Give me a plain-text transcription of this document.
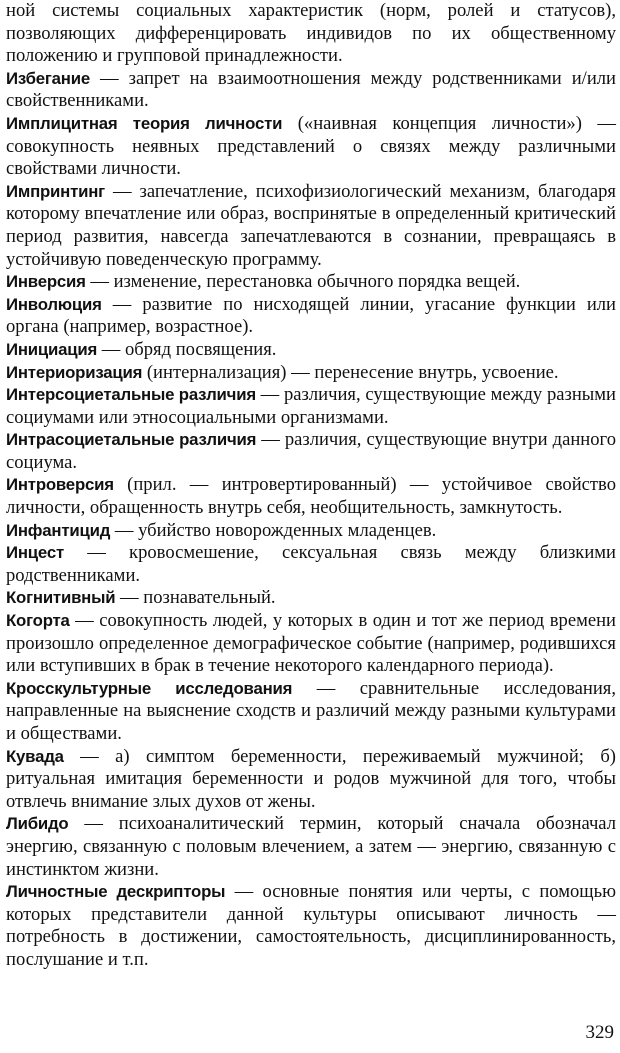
ной системы социальных характеристик (норм, ролей и статусов), позволяющих дифференцировать индивидов по их общественному положению и групповой принадлежности.

Избегание — запрет на взаимоотношения между родственниками и/или свойственниками.

Имплицитная теория личности («наивная концепция личности») — совокупность неявных представлений о связях между различными свойствами личности.

Импринтинг — запечатление, психофизиологический механизм, благодаря которому впечатление или образ, воспринятые в определенный критический период развития, навсегда запечатлеваются в сознании, превращаясь в устойчивую поведенческую программу.

Инверсия — изменение, перестановка обычного порядка вещей.

Инволюция — развитие по нисходящей линии, угасание функции или органа (например, возрастное).

Инициация — обряд посвящения.

Интериоризация (интернализация) — перенесение внутрь, усвоение.

Интерсоциетальные различия — различия, существующие между разными социумами или этносоциальными организмами.

Интрасоциетальные различия — различия, существующие внутри данного социума.

Интроверсия (прил. — интровертированный) — устойчивое свойство личности, обращенность внутрь себя, необщительность, замкнутость.

Инфантицид — убийство новорожденных младенцев.

Инцест — кровосмешение, сексуальная связь между близкими родственниками.

Когнитивный — познавательный.

Когорта — совокупность людей, у которых в один и тот же период времени произошло определенное демографическое событие (например, родившихся или вступивших в брак в течение некоторого календарного периода).

Кросскультурные исследования — сравнительные исследования, направленные на выяснение сходств и различий между разными культурами и обществами.

Кувада — а) симптом беременности, переживаемый мужчиной; б) ритуальная имитация беременности и родов мужчиной для того, чтобы отвлечь внимание злых духов от жены.

Либидо — психоаналитический термин, который сначала обозначал энергию, связанную с половым влечением, а затем — энергию, связанную с инстинктом жизни.

Личностные дескрипторы — основные понятия или черты, с помощью которых представители данной культуры описывают личность — потребность в достижении, самостоятельность, дисциплинированность, послушание и т.п.

329
